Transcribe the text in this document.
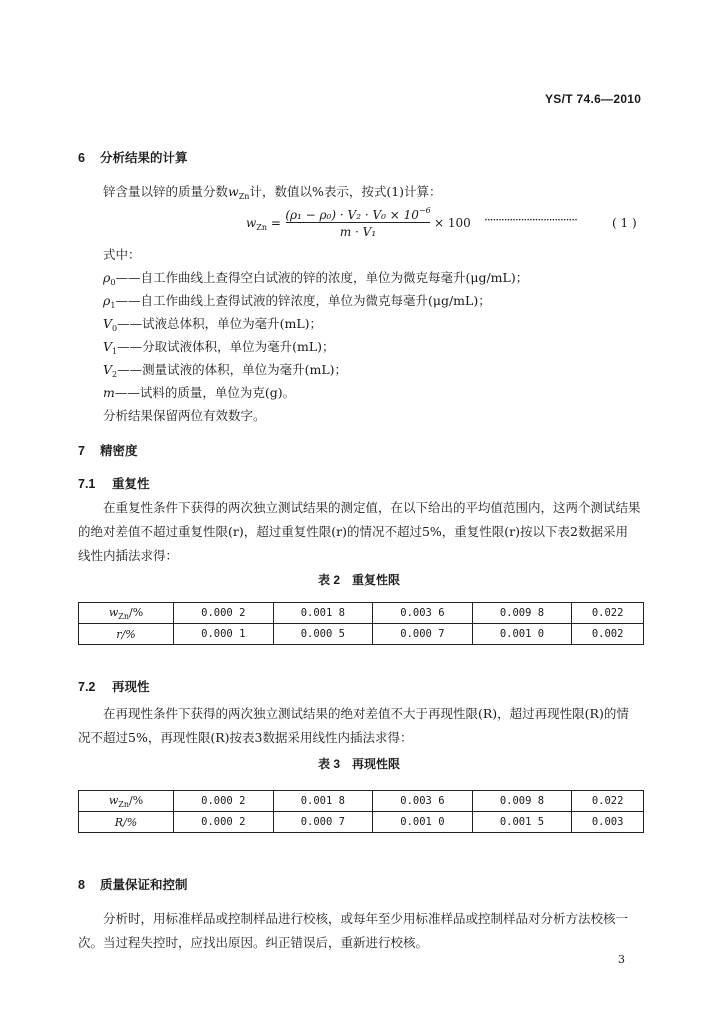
YS/T 74.6—2010
6 分析结果的计算
锌含量以锌的质量分数$w_{Zn}$计，数值以%表示，按式(1)计算：
$w_{Zn}$ =
$(\rho_1 - \rho_0) \cdot V_2 \cdot V_0 \times 10^{-6}$
m · V₁
× 100 ·································	( 1 )
式中：
$\rho_0——$自工作曲线上查得空白试液的锌的浓度，单位为微克每毫升(μg/mL)；
$\rho_1——$自工作曲线上查得试液的锌浓度，单位为微克每毫升(μg/mL)；
$V_0——$试液总体积，单位为毫升(mL)；
$V_1——$分取试液体积，单位为毫升(mL)；
$V_2——$测量试液的体积，单位为毫升(mL)；
m——试料的质量，单位为克(g)。
分析结果保留两位有效数字。
7 精密度
7.1 重复性
在重复性条件下获得的两次独立测试结果的测定值，在以下给出的平均值范围内，这两个测试结果
的绝对差值不超过重复性限(r)，超过重复性限(r)的情况不超过5%，重复性限(r)按以下表2数据采用
线性内插法求得：
表 2　重复性限
$w_{Zn}/\%$	0.000 2	0.001 8	0.003 6	0.009 8	0.022
r/%	0.000 1	0.000 5	0.000 7	0.001 0	0.002
7.2 再现性
在再现性条件下获得的两次独立测试结果的绝对差值不大于再现性限(R)，超过再现性限(R)的情
况不超过5%，再现性限(R)按表3数据采用线性内插法求得：
表 3　再现性限
$w_{Zn}/\%$	0.000 2	0.001 8	0.003 6	0.009 8	0.022
R/%	0.000 2	0.000 7	0.001 0	0.001 5	0.003
8 质量保证和控制
分析时，用标准样品或控制样品进行校核，或每年至少用标准样品或控制样品对分析方法校核一
次。当过程失控时，应找出原因。纠正错误后，重新进行校核。
3
